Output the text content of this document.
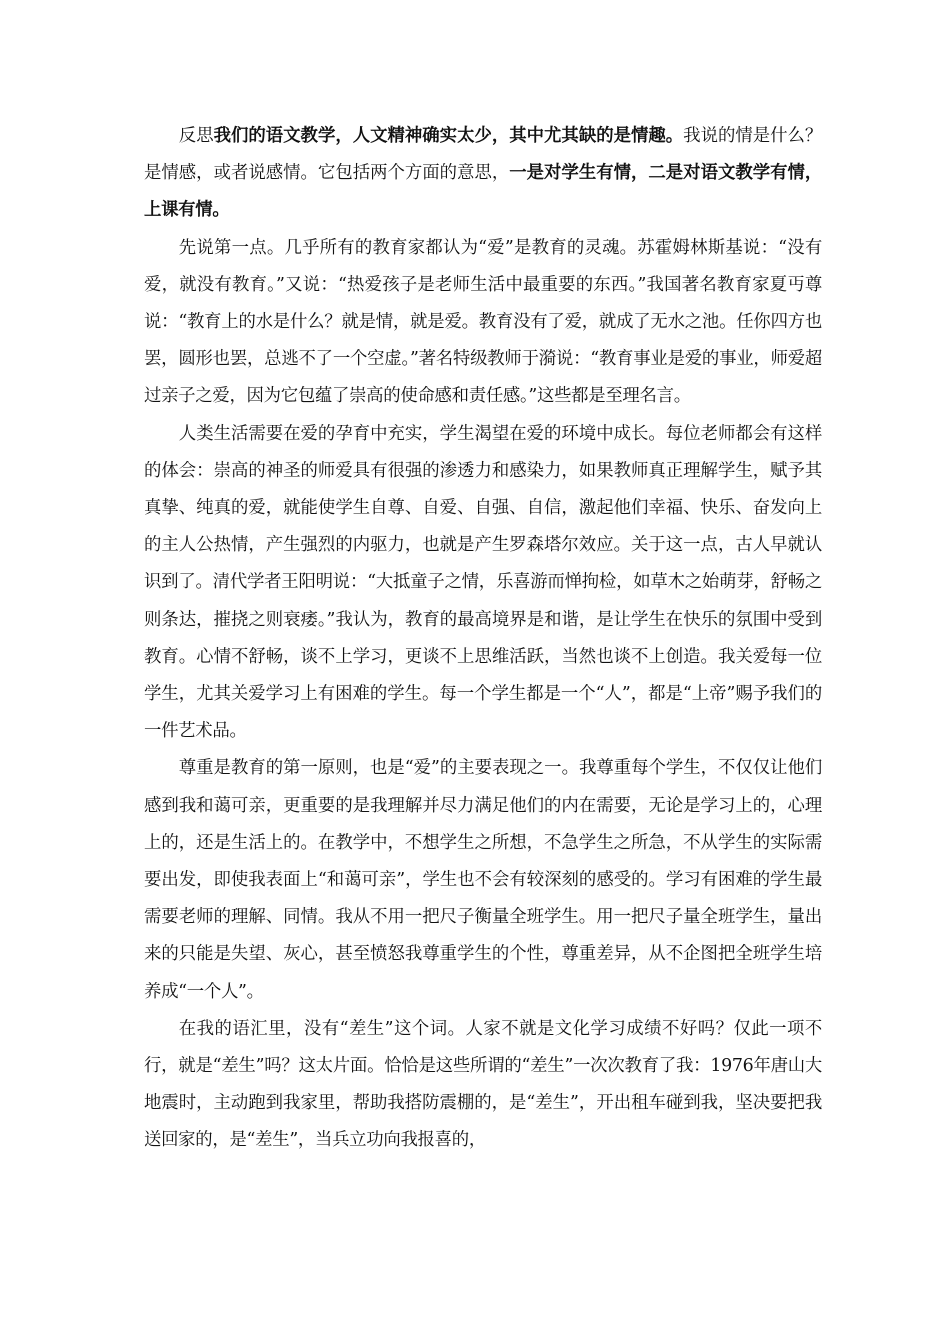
反思我们的语文教学，人文精神确实太少，其中尤其缺的是情趣。我说的情是什么？是情感，或者说感情。它包括两个方面的意思，一是对学生有情，二是对语文教学有情，上课有情。

先说第一点。几乎所有的教育家都认为“爱”是教育的灵魂。苏霍姆林斯基说：“没有爱，就没有教育。”又说：“热爱孩子是老师生活中最重要的东西。”我国著名教育家夏丏尊说：“教育上的水是什么？就是情，就是爱。教育没有了爱，就成了无水之池。任你四方也罢，圆形也罢，总逃不了一个空虚。”著名特级教师于漪说：“教育事业是爱的事业，师爱超过亲子之爱，因为它包蕴了崇高的使命感和责任感。”这些都是至理名言。

人类生活需要在爱的孕育中充实，学生渴望在爱的环境中成长。每位老师都会有这样的体会：崇高的神圣的师爱具有很强的渗透力和感染力，如果教师真正理解学生，赋予其真挚、纯真的爱，就能使学生自尊、自爱、自强、自信，激起他们幸福、快乐、奋发向上的主人公热情，产生强烈的内驱力，也就是产生罗森塔尔效应。关于这一点，古人早就认识到了。清代学者王阳明说：“大抵童子之情，乐喜游而惮拘检，如草木之始萌芽，舒畅之则条达，摧挠之则衰痿。”我认为，教育的最高境界是和谐，是让学生在快乐的氛围中受到教育。心情不舒畅，谈不上学习，更谈不上思维活跃，当然也谈不上创造。我关爱每一位学生，尤其关爱学习上有困难的学生。每一个学生都是一个“人”，都是“上帝”赐予我们的一件艺术品。

尊重是教育的第一原则，也是“爱”的主要表现之一。我尊重每个学生，不仅仅让他们感到我和蔼可亲，更重要的是我理解并尽力满足他们的内在需要，无论是学习上的，心理上的，还是生活上的。在教学中，不想学生之所想，不急学生之所急，不从学生的实际需要出发，即使我表面上“和蔼可亲”，学生也不会有较深刻的感受的。学习有困难的学生最需要老师的理解、同情。我从不用一把尺子衡量全班学生。用一把尺子量全班学生，量出来的只能是失望、灰心，甚至愤怒我尊重学生的个性，尊重差异，从不企图把全班学生培养成“一个人”。

在我的语汇里，没有“差生”这个词。人家不就是文化学习成绩不好吗？仅此一项不行，就是“差生”吗？这太片面。恰恰是这些所谓的“差生”一次次教育了我：1976年唐山大地震时，主动跑到我家里，帮助我搭防震棚的，是“差生”，开出租车碰到我，坚决要把我送回家的，是“差生”，当兵立功向我报喜的，
